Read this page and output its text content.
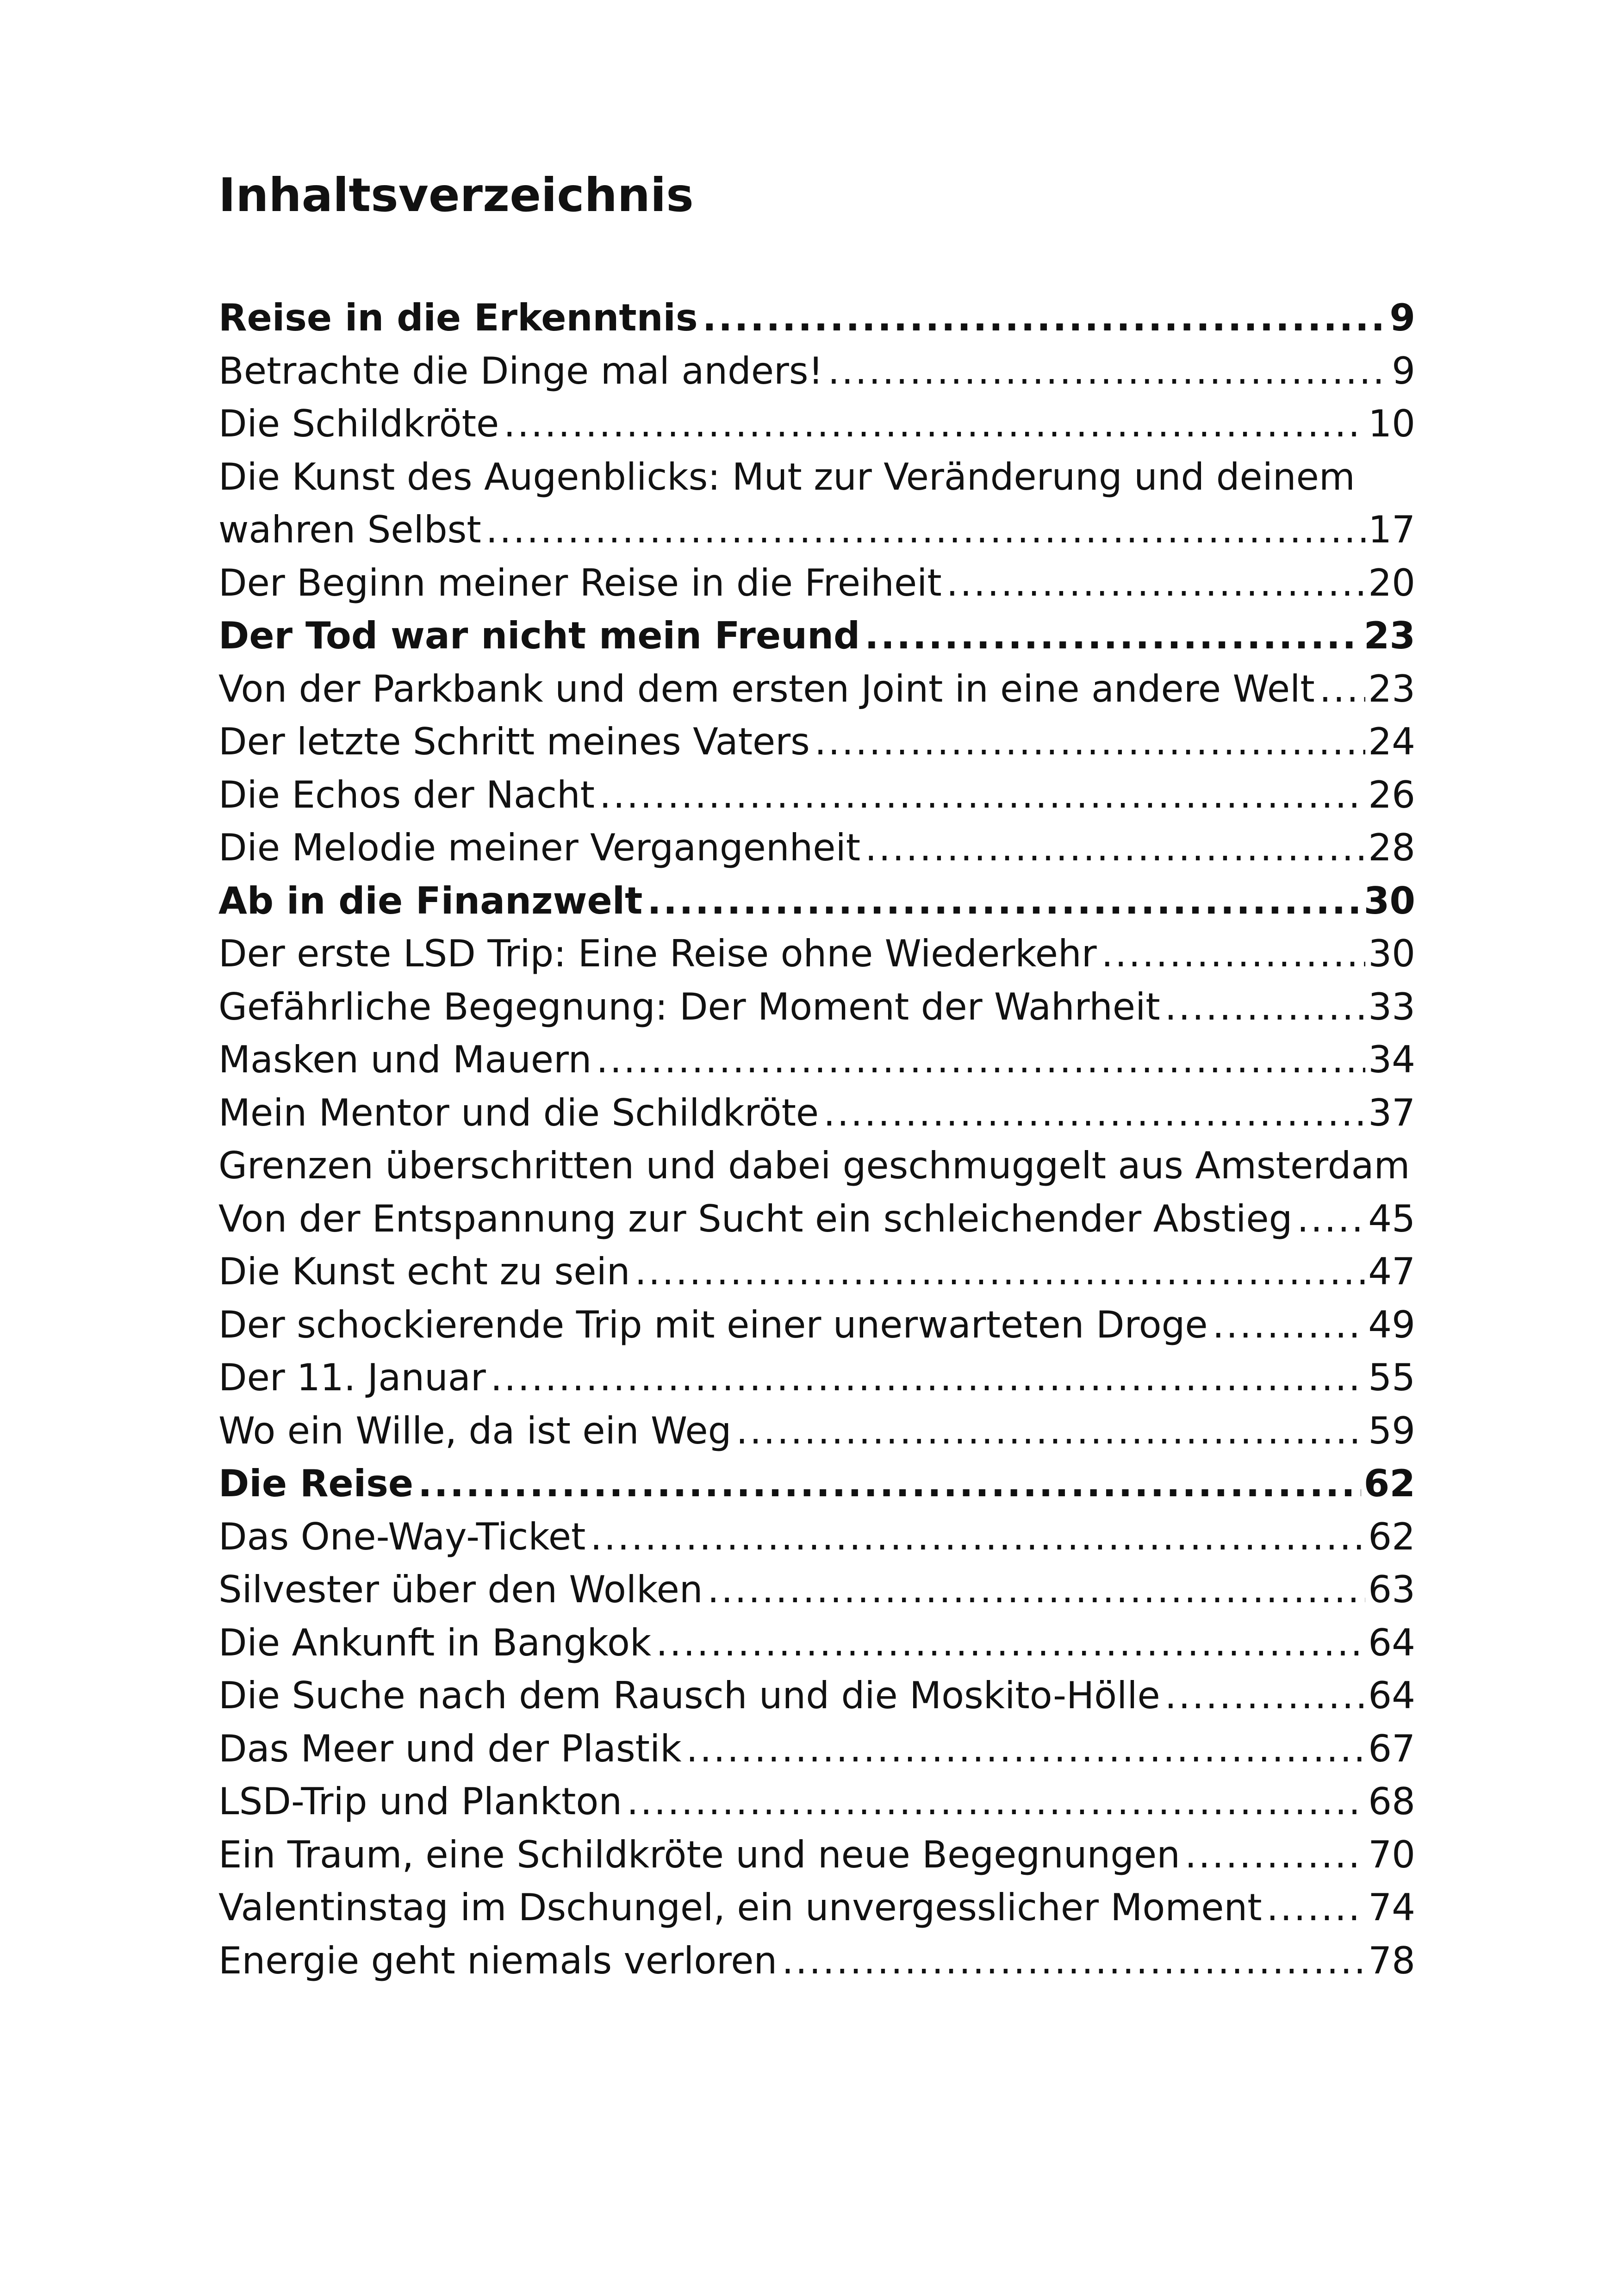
Inhaltsverzeichnis
Reise in die Erkenntnis .....	9
Betrachte die Dinge mal anders! .....	9
Die Schildkröte .....	10
Die Kunst des Augenblicks: Mut zur Veränderung und deinem
wahren Selbst .....	17
Der Beginn meiner Reise in die Freiheit .....	20
Der Tod war nicht mein Freund .....	23
Von der Parkbank und dem ersten Joint in eine andere Welt ..... 23
Der letzte Schritt meines Vaters .....	24
Die Echos der Nacht .....	26
Die Melodie meiner Vergangenheit .....	28
Ab in die Finanzwelt .....	30
Der erste LSD Trip: Eine Reise ohne Wiederkehr .....	30
Gefährliche Begegnung: Der Moment der Wahrheit .....	33
Masken und Mauern .....	34
Mein Mentor und die Schildkröte .....	37
Grenzen überschritten und dabei geschmuggelt aus Amsterdam
Von der Entspannung zur Sucht ein schleichender Abstieg ..... 45
Die Kunst echt zu sein .....	47
Der schockierende Trip mit einer unerwarteten Droge .....	49
Der 11. Januar .....	55
Wo ein Wille, da ist ein Weg .....	59
Die Reise .....	62
Das One-Way-Ticket .....	62
Silvester über den Wolken .....	63
Die Ankunft in Bangkok .....	64
Die Suche nach dem Rausch und die Moskito-Hölle .....	64
Das Meer und der Plastik .....	67
LSD-Trip und Plankton .....	68
Ein Traum, eine Schildkröte und neue Begegnungen .....	70
Valentinstag im Dschungel, ein unvergesslicher Moment .....	74
Energie geht niemals verloren .....	78
